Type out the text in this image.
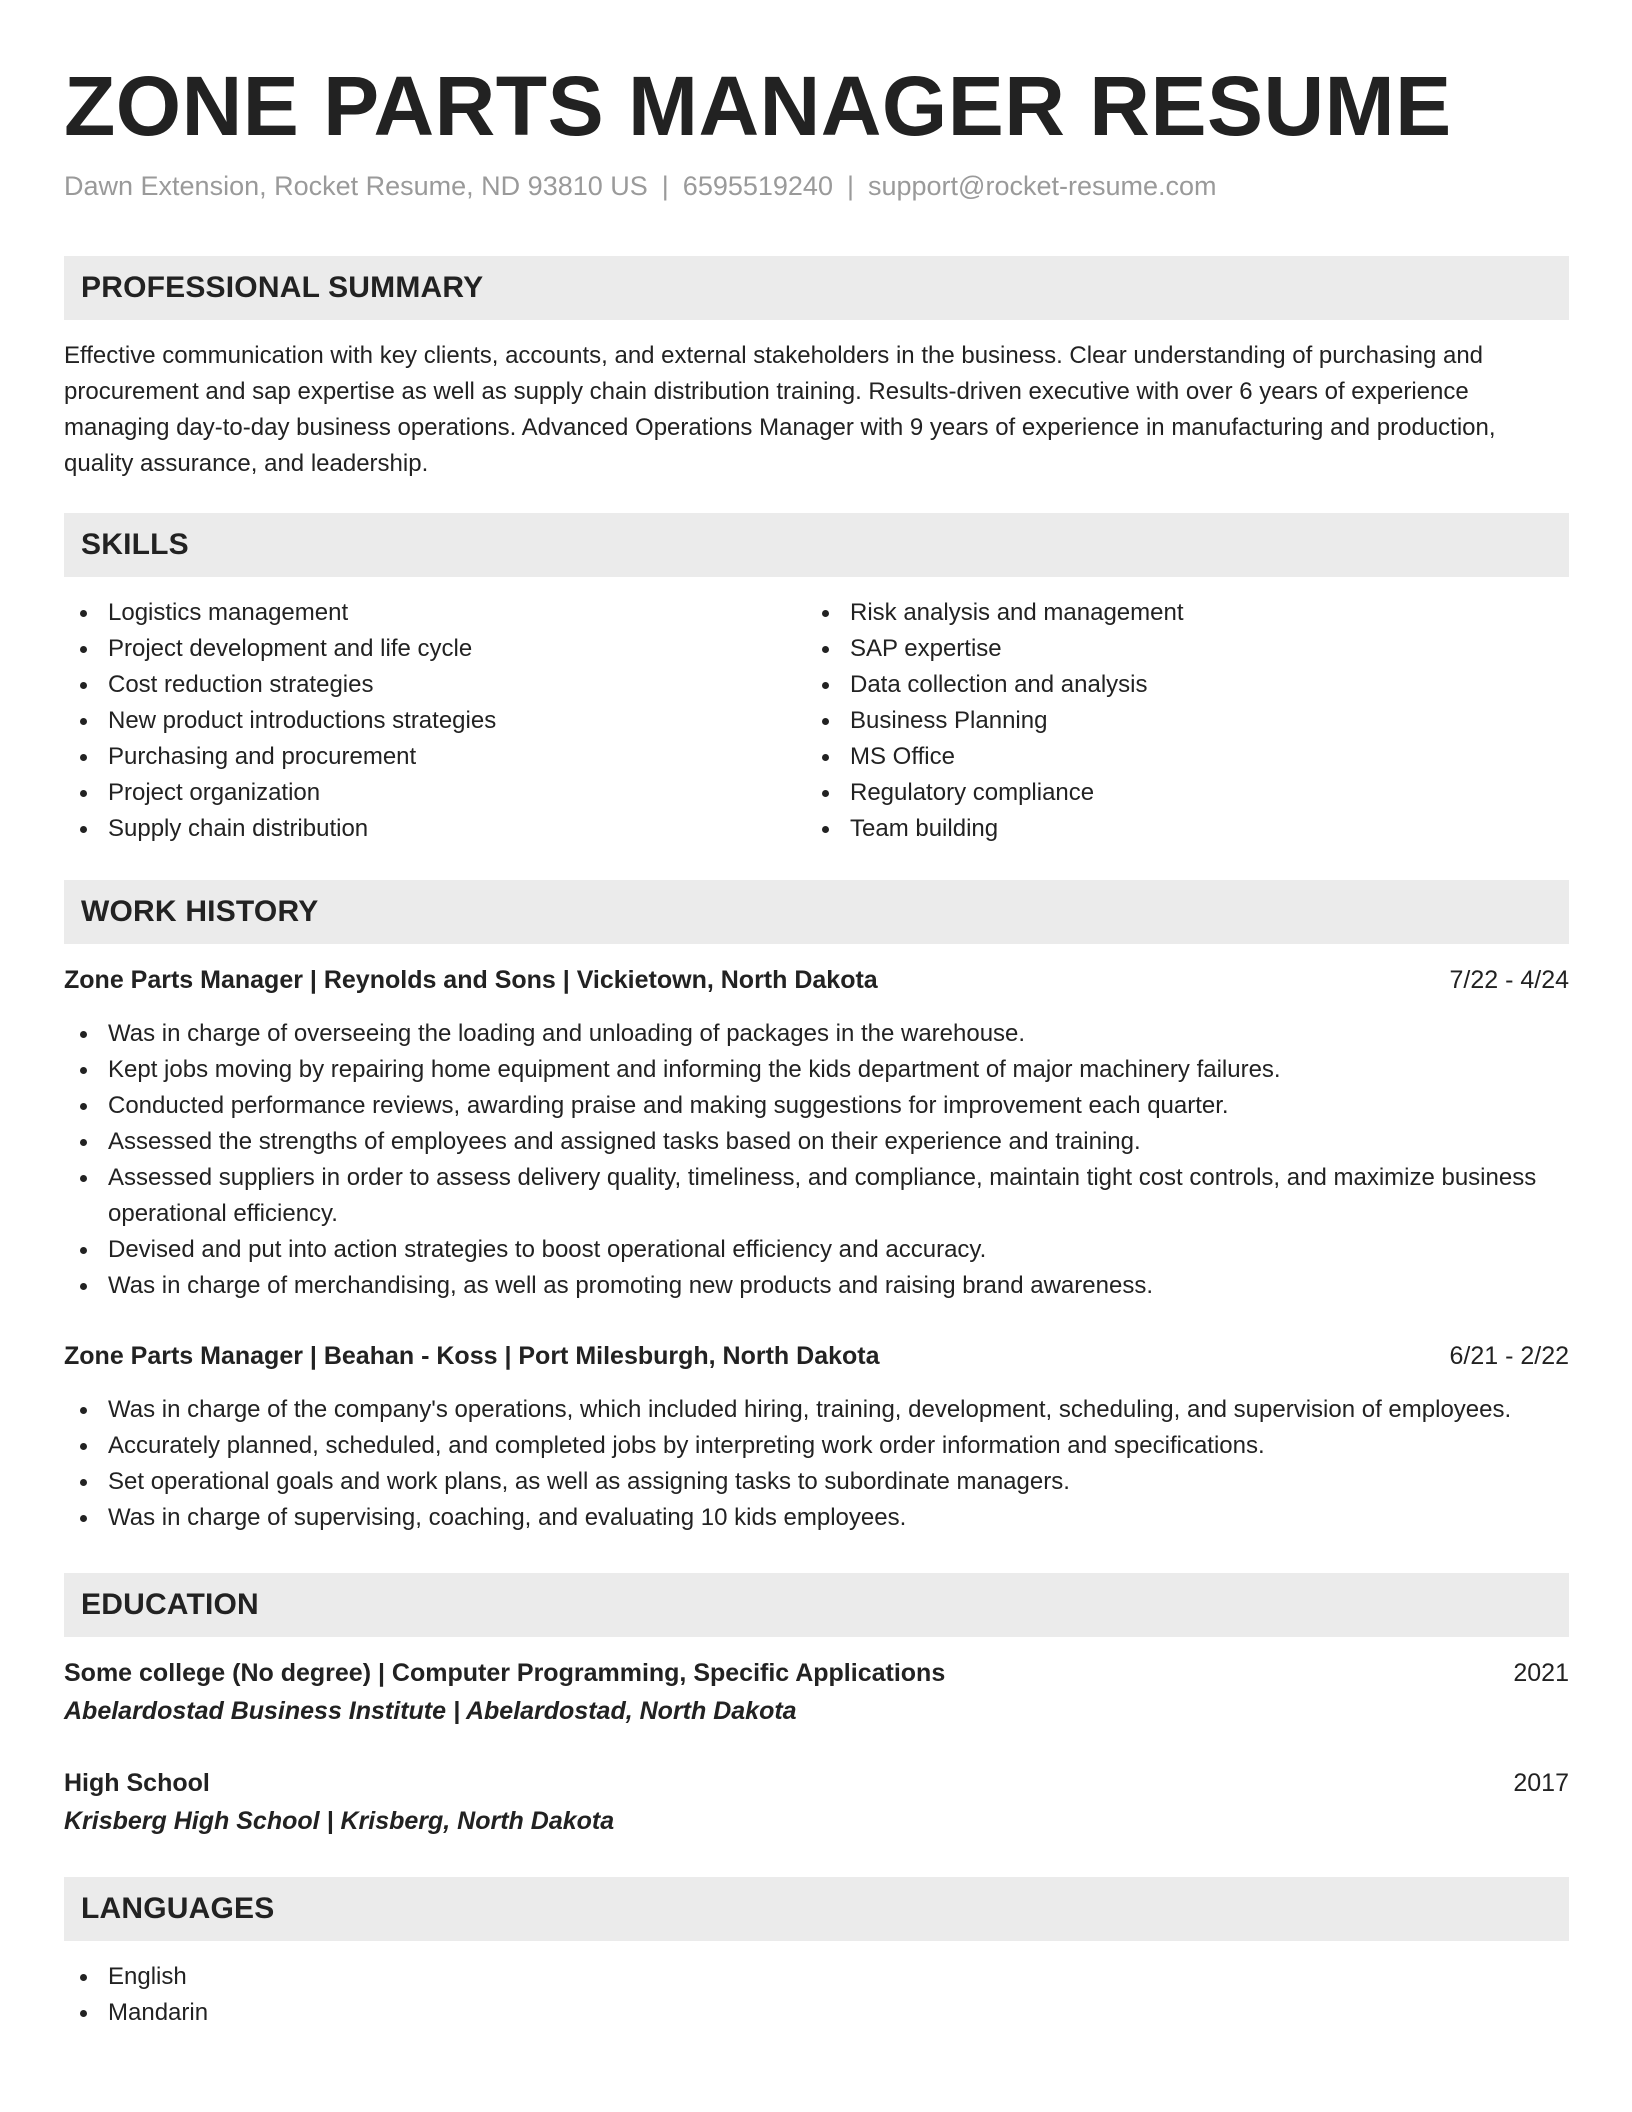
ZONE PARTS MANAGER RESUME
Dawn Extension, Rocket Resume, ND 93810 US | 6595519240 | support@rocket-resume.com
PROFESSIONAL SUMMARY

Effective communication with key clients, accounts, and external stakeholders in the business. Clear understanding of purchasing and procurement and sap expertise as well as supply chain distribution training. Results-driven executive with over 6 years of experience managing day-to-day business operations. Advanced Operations Manager with 9 years of experience in manufacturing and production, quality assurance, and leadership.

SKILLS
Logistics management
Project development and life cycle
Cost reduction strategies
New product introductions strategies
Purchasing and procurement
Project organization
Supply chain distribution
Risk analysis and management
SAP expertise
Data collection and analysis
Business Planning
MS Office
Regulatory compliance
Team building
WORK HISTORY
Zone Parts Manager | Reynolds and Sons | Vickietown, North Dakota	7/22 - 4/24
Was in charge of overseeing the loading and unloading of packages in the warehouse.
Kept jobs moving by repairing home equipment and informing the kids department of major machinery failures.
Conducted performance reviews, awarding praise and making suggestions for improvement each quarter.
Assessed the strengths of employees and assigned tasks based on their experience and training.
Assessed suppliers in order to assess delivery quality, timeliness, and compliance, maintain tight cost controls, and maximize business operational efficiency.
Devised and put into action strategies to boost operational efficiency and accuracy.
Was in charge of merchandising, as well as promoting new products and raising brand awareness.
Zone Parts Manager | Beahan - Koss | Port Milesburgh, North Dakota	6/21 - 2/22
Was in charge of the company's operations, which included hiring, training, development, scheduling, and supervision of employees.
Accurately planned, scheduled, and completed jobs by interpreting work order information and specifications.
Set operational goals and work plans, as well as assigning tasks to subordinate managers.
Was in charge of supervising, coaching, and evaluating 10 kids employees.
EDUCATION
Some college (No degree) | Computer Programming, Specific Applications	2021
Abelardostad Business Institute | Abelardostad, North Dakota
High School	2017
Krisberg High School | Krisberg, North Dakota
LANGUAGES
English
Mandarin
